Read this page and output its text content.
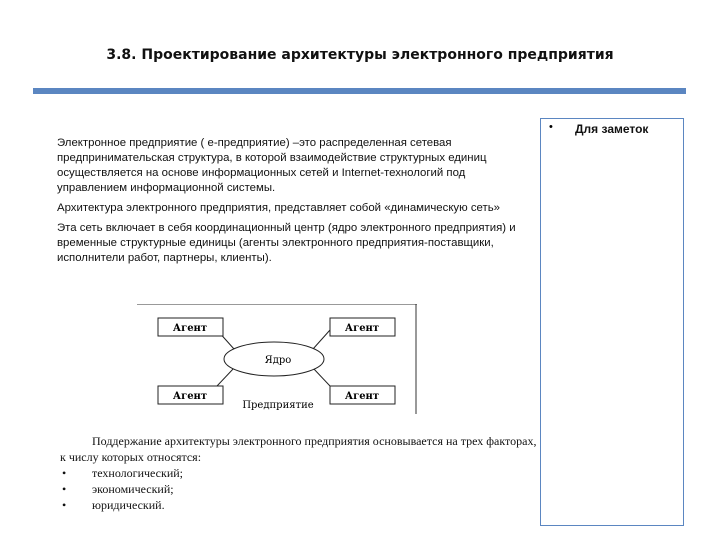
3.8. Проектирование архитектуры электронного предприятия

Электронное предприятие ( е-предприятие) –это распределенная сетевая предпринимательская структура, в которой взаимодействие структурных единиц осуществляется на основе информационных сетей и Internet-технологий под управлением информационной системы.

Архитектура электронного предприятия, представляет собой «динамическую сеть»

Эта сеть включает в себя координационный центр (ядро электронного предприятия) и временные структурные единицы (агенты электронного предприятия-поставщики, исполнители работ, партнеры, клиенты).

• Для заметок
Агент	Агент
Агент	Агент
Ядро
Предприятие

Поддержание архитектуры электронного предприятия основывается на трех факторах, к числу которых относятся:

• технологический;
• экономический;
• юридический.
